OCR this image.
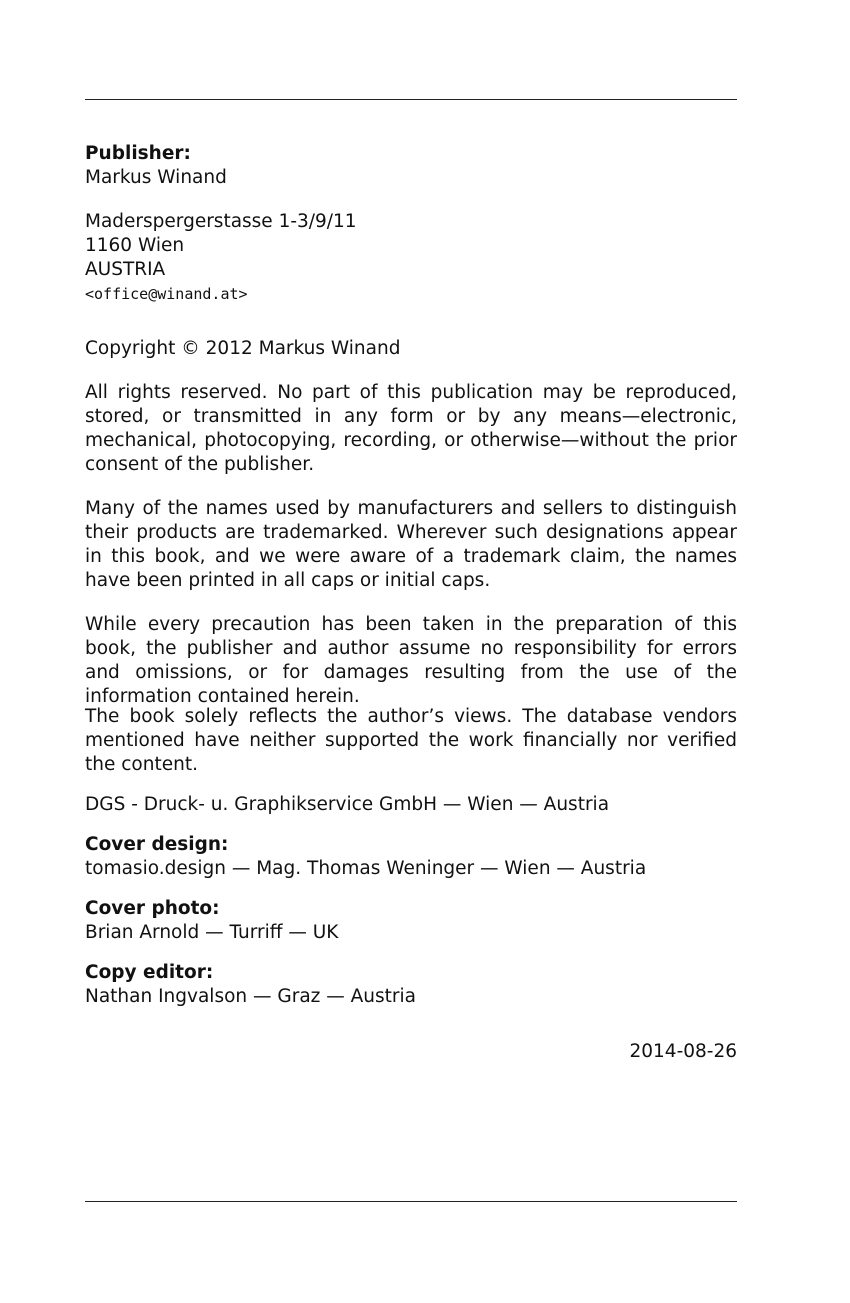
Publisher:
Markus Winand
Maderspergerstasse 1-3/9/11
1160 Wien
AUSTRIA
<office@winand.at>
Copyright © 2012 Markus Winand

All rights reserved. No part of this publication may be reproduced, stored, or transmitted in any form or by any means—electronic, mechanical, photocopying, recording, or otherwise—without the prior consent of the publisher.

Many of the names used by manufacturers and sellers to distinguish their products are trademarked. Wherever such designations appear in this book, and we were aware of a trademark claim, the names have been printed in all caps or initial caps.

While every precaution has been taken in the preparation of this book, the publisher and author assume no responsibility for errors and omissions, or for damages resulting from the use of the information contained herein.

The book solely reflects the author’s views. The database vendors mentioned have neither supported the work financially nor verified the content.

DGS - Druck- u. Graphikservice GmbH — Wien — Austria
Cover design:
tomasio.design — Mag. Thomas Weninger — Wien — Austria
Cover photo:
Brian Arnold — Turriff — UK
Copy editor:
Nathan Ingvalson — Graz — Austria
2014-08-26
